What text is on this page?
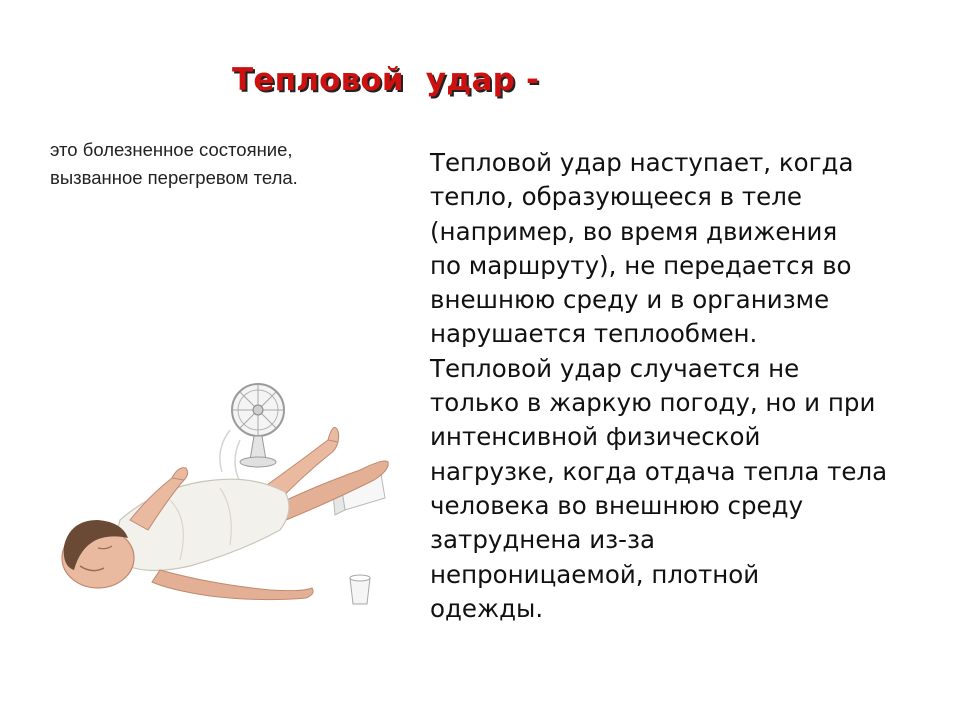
Тепловой  удар -
это болезненное состояние,
вызванное перегревом тела.
Тепловой удар наступает, когда
тепло, образующееся в теле
(например, во время движения
по маршруту), не передается во
внешнюю среду и в организме
нарушается теплообмен.
Тепловой удар случается не
только в жаркую погоду, но и при
интенсивной физической
нагрузке, когда отдача тепла тела
человека во внешнюю среду
затруднена из-за
непроницаемой, плотной
одежды.
